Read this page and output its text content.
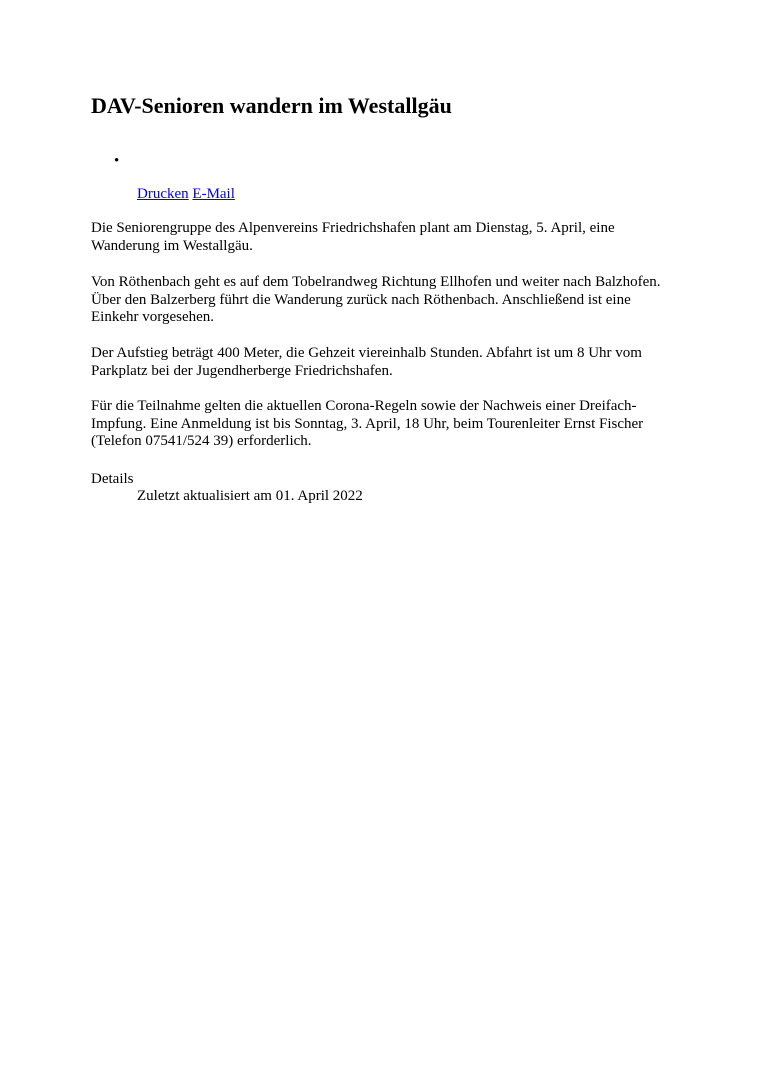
DAV-Senioren wandern im Westallgäu
•
Drucken E-Mail

Die Seniorengruppe des Alpenvereins Friedrichshafen plant am Dienstag, 5. April, eine Wanderung im Westallgäu.

Von Röthenbach geht es auf dem Tobelrandweg Richtung Ellhofen und weiter nach Balzhofen. Über den Balzerberg führt die Wanderung zurück nach Röthenbach. Anschließend ist eine Einkehr vorgesehen.

Der Aufstieg beträgt 400 Meter, die Gehzeit viereinhalb Stunden. Abfahrt ist um 8 Uhr vom Parkplatz bei der Jugendherberge Friedrichshafen.

Für die Teilnahme gelten die aktuellen Corona-Regeln sowie der Nachweis einer Dreifach-Impfung. Eine Anmeldung ist bis Sonntag, 3. April, 18 Uhr, beim Tourenleiter Ernst Fischer (Telefon 07541/524 39) erforderlich.

Details
Zuletzt aktualisiert am 01. April 2022
